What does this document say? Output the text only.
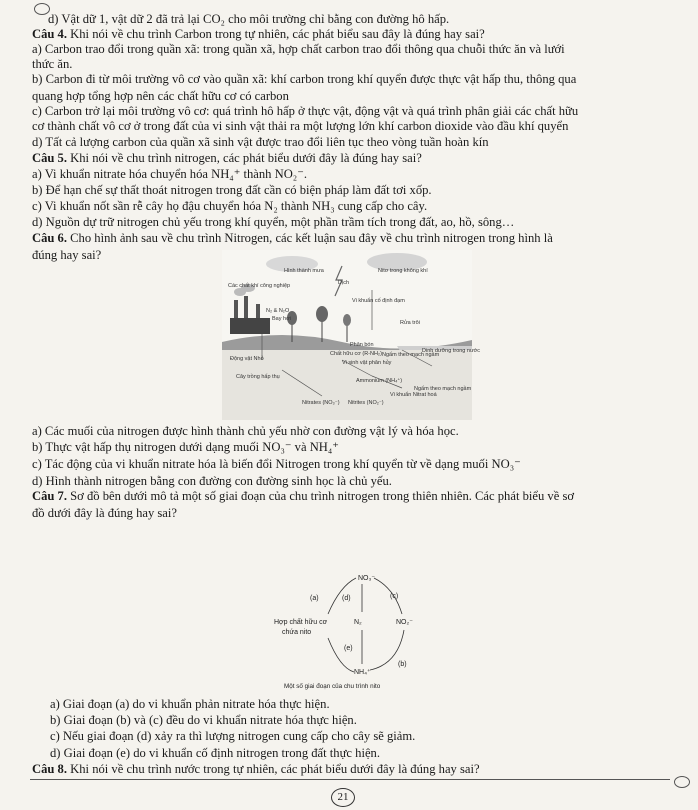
d) Vật dữ 1, vật dữ 2 đã trả lại CO₂ cho môi trường chỉ bằng con đường hô hấp.
Câu 4. Khi nói về chu trình Carbon trong tự nhiên, các phát biểu sau đây là đúng hay sai?
a) Carbon trao đổi trong quần xã: trong quần xã, hợp chất carbon trao đổi thông qua chuỗi thức ăn và lưới
thức ăn.
b) Carbon đi từ môi trường vô cơ vào quần xã: khí carbon trong khí quyển được thực vật hấp thu, thông qua
quang hợp tổng hợp nên các chất hữu cơ có carbon
c) Carbon trở lại môi trường vô cơ: quá trình hô hấp ở thực vật, động vật và quá trình phân giải các chất hữu
cơ thành chất vô cơ ở trong đất của vi sinh vật thải ra một lượng lớn khí carbon dioxide vào đầu khí quyển
d) Tất cả lượng carbon của quần xã sinh vật được trao đổi liên tục theo vòng tuần hoàn kín
Câu 5. Khi nói về chu trình nitrogen, các phát biểu dưới đây là đúng hay sai?
a) Vi khuẩn nitrate hóa chuyển hóa NH₄⁺ thành NO₂⁻.
b) Để hạn chế sự thất thoát nitrogen trong đất cần có biện pháp làm đất tơi xốp.
c) Vi khuẩn nốt sần rễ cây họ đậu chuyển hóa N₂ thành NH₃ cung cấp cho cây.
d) Nguồn dự trữ nitrogen chủ yếu trong khí quyển, một phần trầm tích trong đất, ao, hồ, sông…
Câu 6. Cho hình ảnh sau về chu trình Nitrogen, các kết luận sau đây về chu trình nitrogen trong hình là
đúng hay sai?
Hình thành mưa	Nitơ trong không khí
Các chất khí công nghiệp	Dịch
Vi khuẩn cố định đạm
N₂ & N₂O
Bay hơi
Rửa trôi
Phân bón
Chất hữu cơ (R-NH₂)
Động vật Nhỏ
Ngấm theo mạch ngầm
Dinh dưỡng trong nước
Cây trồng hấp thụ
Vi sinh vật phân hủy
Ammonium (NH₄⁺)
Vi khuẩn Nitrat hoá
Ngấm theo mạch ngầm
Nitrates (NO₃⁻) Nitrites (NO₂⁻)
a) Các muối của nitrogen được hình thành chủ yếu nhờ con đường vật lý và hóa học.
b) Thực vật hấp thụ nitrogen dưới dạng muối NO₃⁻ và NH₄⁺
c) Tác động của vi khuẩn nitrate hóa là biến đổi Nitrogen trong khí quyển từ về dạng muối NO₃⁻
d) Hình thành nitrogen bằng con đường con đường sinh học là chủ yếu.
Câu 7. Sơ đồ bên dưới mô tả một số giai đoạn của chu trình nitrogen trong thiên nhiên. Các phát biểu về sơ
đồ dưới đây là đúng hay sai?
NO₃⁻
(a)	(d)	(c)
Hợp chất hữu cơ
chứa nito
N₂	NO₂⁻
(e)
NH₄⁺
(b)
Một số giai đoạn của chu trình nito
a) Giai đoạn (a) do vi khuẩn phản nitrate hóa thực hiện.
b) Giai đoạn (b) và (c) đều do vi khuẩn nitrate hóa thực hiện.
c) Nếu giai đoạn (d) xảy ra thì lượng nitrogen cung cấp cho cây sẽ giảm.
d) Giai đoạn (e) do vi khuẩn cố định nitrogen trong đất thực hiện.
Câu 8. Khi nói về chu trình nước trong tự nhiên, các phát biểu dưới đây là đúng hay sai?
21
